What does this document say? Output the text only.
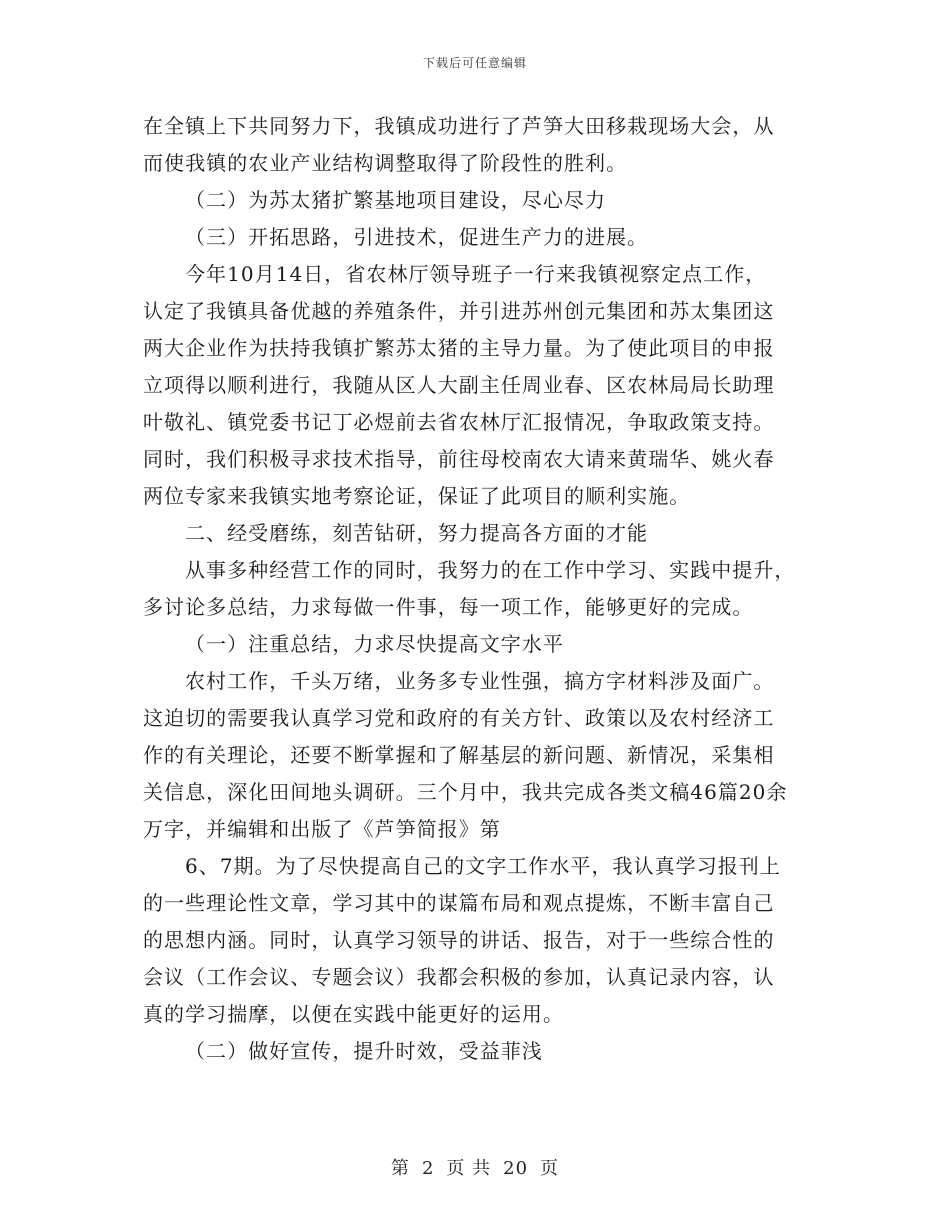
下载后可任意编辑
在全镇上下共同努力下，我镇成功进行了芦笋大田移栽现场大会，从
而使我镇的农业产业结构调整取得了阶段性的胜利。
（二）为苏太猪扩繁基地项目建设，尽心尽力
（三）开拓思路，引进技术，促进生产力的进展。
今年10月14日，省农林厅领导班子一行来我镇视察定点工作，
认定了我镇具备优越的养殖条件，并引进苏州创元集团和苏太集团这
两大企业作为扶持我镇扩繁苏太猪的主导力量。为了使此项目的申报
立项得以顺利进行，我随从区人大副主任周业春、区农林局局长助理
叶敬礼、镇党委书记丁必煜前去省农林厅汇报情况，争取政策支持。
同时，我们积极寻求技术指导，前往母校南农大请来黄瑞华、姚火春
两位专家来我镇实地考察论证，保证了此项目的顺利实施。
二、经受磨练，刻苦钻研，努力提高各方面的才能
从事多种经营工作的同时，我努力的在工作中学习、实践中提升，
多讨论多总结，力求每做一件事，每一项工作，能够更好的完成。
（一）注重总结，力求尽快提高文字水平
农村工作，千头万绪，业务多专业性强，搞方字材料涉及面广。
这迫切的需要我认真学习党和政府的有关方针、政策以及农村经济工
作的有关理论，还要不断掌握和了解基层的新问题、新情况，采集相
关信息，深化田间地头调研。三个月中，我共完成各类文稿46篇20余
万字，并编辑和出版了《芦笋简报》第
6、7期。为了尽快提高自己的文字工作水平，我认真学习报刊上
的一些理论性文章，学习其中的谋篇布局和观点提炼，不断丰富自己
的思想内涵。同时，认真学习领导的讲话、报告，对于一些综合性的
会议（工作会议、专题会议）我都会积极的参加，认真记录内容，认
真的学习揣摩，以便在实践中能更好的运用。
（二）做好宣传，提升时效，受益菲浅
第 2 页 共 20 页
